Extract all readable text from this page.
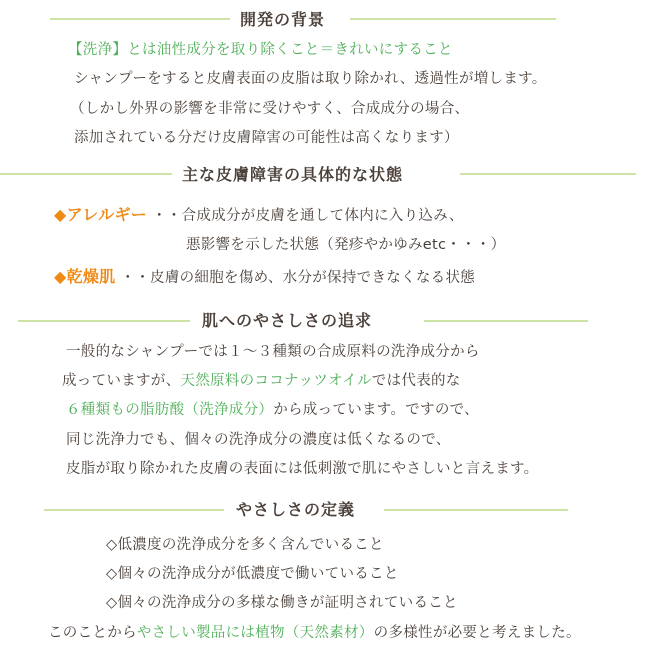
開発の背景
【洗浄】とは油性成分を取り除くこと＝きれいにすること
シャンプーをすると皮膚表面の皮脂は取り除かれ、透過性が増します。
（しかし外界の影響を非常に受けやすく、合成成分の場合、
添加されている分だけ皮膚障害の可能性は高くなります）
主な皮膚障害の具体的な状態
◆アレルギー ・・合成成分が皮膚を通して体内に入り込み、
悪影響を示した状態（発疹やかゆみetc・・・）
◆乾燥肌 ・・皮膚の細胞を傷め、水分が保持できなくなる状態
肌へのやさしさの追求
一般的なシャンプーでは１～３種類の合成原料の洗浄成分から
成っていますが、天然原料のココナッツオイルでは代表的な
６種類もの脂肪酸（洗浄成分）から成っています。ですので、
同じ洗浄力でも、個々の洗浄成分の濃度は低くなるので、
皮脂が取り除かれた皮膚の表面には低刺激で肌にやさしいと言えます。
やさしさの定義
◇低濃度の洗浄成分を多く含んでいること
◇個々の洗浄成分が低濃度で働いていること
◇個々の洗浄成分の多様な働きが証明されていること
このことからやさしい製品には植物（天然素材）の多様性が必要と考えました。
